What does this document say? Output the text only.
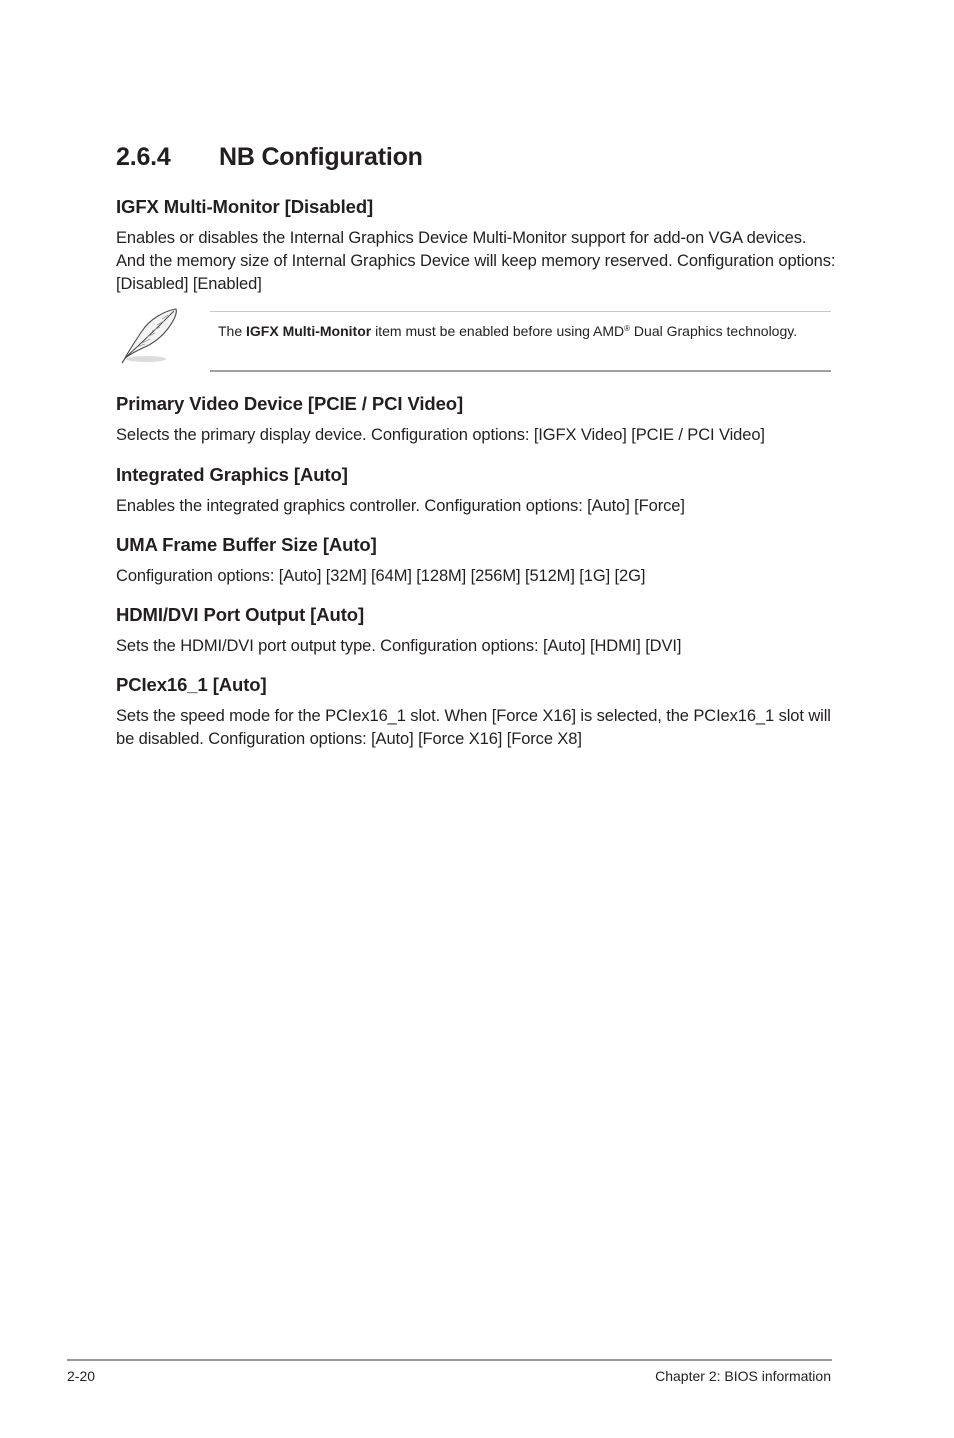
2.6.4 NB Configuration
IGFX Multi-Monitor [Disabled]

Enables or disables the Internal Graphics Device Multi-Monitor support for add-on VGA devices. And the memory size of Internal Graphics Device will keep memory reserved. Configuration options: [Disabled] [Enabled]

The IGFX Multi-Monitor item must be enabled before using AMD® Dual Graphics technology.

Primary Video Device [PCIE / PCI Video]

Selects the primary display device. Configuration options: [IGFX Video] [PCIE / PCI Video]

Integrated Graphics [Auto]

Enables the integrated graphics controller. Configuration options: [Auto] [Force]

UMA Frame Buffer Size [Auto]

Configuration options: [Auto] [32M] [64M] [128M] [256M] [512M] [1G] [2G]

HDMI/DVI Port Output [Auto]

Sets the HDMI/DVI port output type. Configuration options: [Auto] [HDMI] [DVI]

PCIex16_1 [Auto]

Sets the speed mode for the PCIex16_1 slot. When [Force X16] is selected, the PCIex16_1 slot will be disabled. Configuration options: [Auto] [Force X16] [Force X8]

2-20	Chapter 2: BIOS information
